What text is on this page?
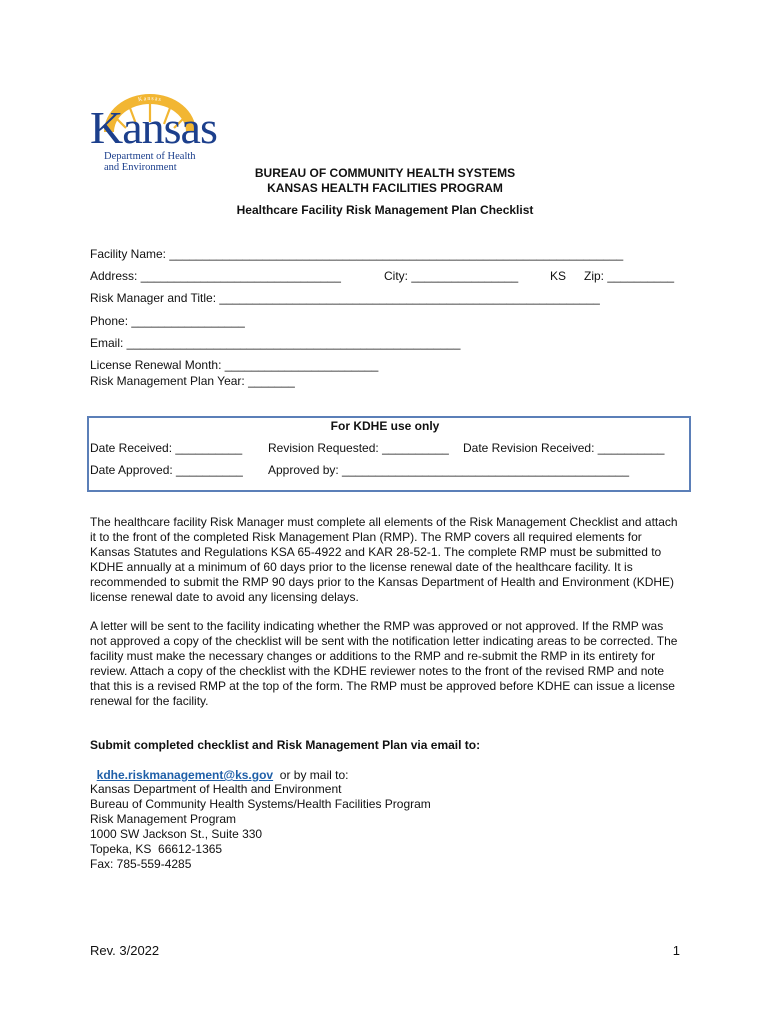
Kansas
Kansas
Department of Health
and Environment	BUREAU OF COMMUNITY HEALTH SYSTEMS
KANSAS HEALTH FACILITIES PROGRAM
Healthcare Facility Risk Management Plan Checklist
Facility Name: ____________________________________________________________________
Address: ______________________________	City: ________________	KS Zip: __________
Risk Manager and Title: _________________________________________________________
Phone: _________________
Email: __________________________________________________
License Renewal Month: _______________________
Risk Management Plan Year: _______
For KDHE use only
Date Received: __________ Revision Requested: __________ Date Revision Received: __________
Date Approved: __________ Approved by: ___________________________________________
The healthcare facility Risk Manager must complete all elements of the Risk Management Checklist and attach it to the front of the completed Risk Management Plan (RMP). The RMP covers all required elements for Kansas Statutes and Regulations KSA 65-4922 and KAR 28-52-1. The complete RMP must be submitted to KDHE annually at a minimum of 60 days prior to the license renewal date of the healthcare facility. It is recommended to submit the RMP 90 days prior to the Kansas Department of Health and Environment (KDHE) license renewal date to avoid any licensing delays.
A letter will be sent to the facility indicating whether the RMP was approved or not approved. If the RMP was not approved a copy of the checklist will be sent with the notification letter indicating areas to be corrected. The facility must make the necessary changes or additions to the RMP and re-submit the RMP in its entirety for review. Attach a copy of the checklist with the KDHE reviewer notes to the front of the revised RMP and note that this is a revised RMP at the top of the form. The RMP must be approved before KDHE can issue a license renewal for the facility.
Submit completed checklist and Risk Management Plan via email to:

kdhe.riskmanagement@ks.gov  or by mail to:

Kansas Department of Health and Environment
Bureau of Community Health Systems/Health Facilities Program
Risk Management Program
1000 SW Jackson St., Suite 330
Topeka, KS  66612-1365
Fax: 785-559-4285
Rev. 3/2022	1
